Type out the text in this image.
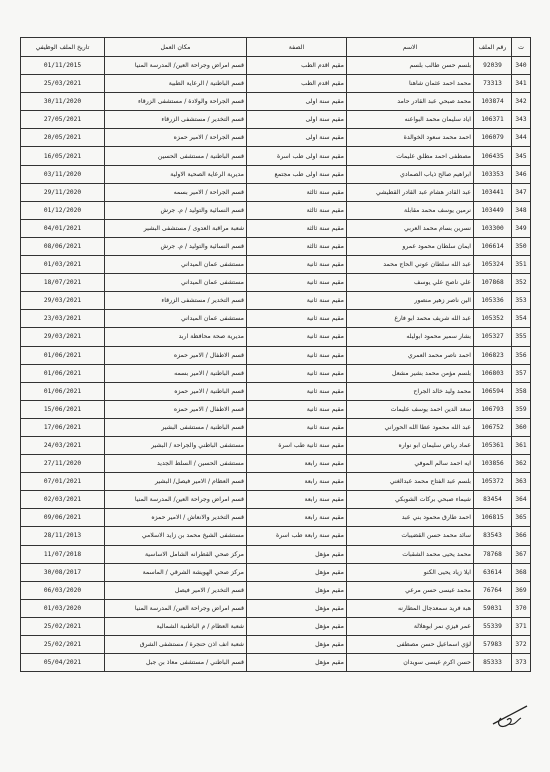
ت	رقم الملف	الاسم	الصفة	مكان العمل	تاريخ الملف الوظيفي
340	92039	بلسم حسن طالب بلسم	مقيم اقدم الطب	قسم امراض وجراحة العين/ المدرسة المنيا	01/11/2015
341	73313	محمد احمد عثمان شاهنا	مقيم اقدم الطب	قسم الباطنية / الرعاية الطبية	25/03/2021
342	103874	محمد صبحي عبد القادر حامد	مقيم سنة اولى	قسم الجراحة والولادة / مستشفى الزرقاء	30/11/2020
343	106371	اياد سليمان محمد البواعنه	مقيم سنة اولى	قسم التخدير / مستشفى الزرقاء	27/05/2021
344	106079	احمد محمد سعود الخوالدة	مقيم سنة اولى	قسم الجراحة / الامير حمزه	20/05/2021
345	106435	مصطفى احمد مطلق عليمات	مقيم سنة اولى طب اسرة	قسم الباطنية / مستشفى الحسين	16/05/2021
346	103353	ابراهيم صالح ذياب الصمادي	مقيم سنة اولى طب مجتمع	مديرية الرعاية الصحية الاولية	03/11/2020
347	103441	عبد القادر هشام عبد القادر القطيشي	مقيم سنة ثالثة	قسم الجراحة / الامير بسمه	29/11/2020
348	103449	نرمين يوسف محمد مقابلة	مقيم سنة ثالثة	قسم النسائية والتوليد / م. جرش	01/12/2020
349	103300	نسرين بسام محمد العربي	مقيم سنة ثالثة	شعبة مراقبة العدوى / مستشفى البشير	04/01/2021
350	106614	ايمان سلطان محمود عمرو	مقيم سنة ثالثة	قسم النسائية والتوليد / م. جرش	08/06/2021
351	105324	عبد الله سلطان عوني الحاج محمد	مقيم سنة ثانية	مستشفى عمان الميداني	01/03/2021
352	107868	علي ناصح علي يوسف	مقيم سنة ثانية	مستشفى عمان الميداني	18/07/2021
353	105336	الين ناصر زهير منصور	مقيم سنة ثانية	قسم التخدير / مستشفى الزرقاء	29/03/2021
354	105352	عبد الله شريف محمد ابو فارع	مقيم سنة ثانية	مستشفى عمان الميداني	23/03/2021
355	105327	بشار سمير محمود ابوليله	مقيم سنة ثانية	مديرية صحة محافظة اربد	29/03/2021
356	106823	احمد ناصر محمد العمري	مقيم سنة ثانية	قسم الاطفال / الامير حمزه	01/06/2021
357	106803	بلسم مؤمن محمد بشير مشعل	مقيم سنة ثانية	قسم الباطنية / الامير بسمه	01/06/2021
358	106594	محمد وليد خالد الجراح	مقيم سنة ثانية	قسم الباطنية / الامير حمزه	01/06/2021
359	106793	سعد الدين احمد يوسف عليمات	مقيم سنة ثانية	قسم الاطفال / الامير حمزه	15/06/2021
360	106752	عبد الله محمود عطا الله الحوراني	مقيم سنة ثانية	قسم الباطنية / مستشفى البشير	17/06/2021
361	105361	عماد رياض سليمان ابو نواره	مقيم سنة ثانية طب اسرة	مستشفى الباطني والجراحة / البشير	24/03/2021
362	103856	ايه احمد سالم الموفي	مقيم سنة رابعة	مستشفى الحسين / السلط الجديد	27/11/2020
363	105372	بلسم عبد الفتاح محمد عبدالغني	مقيم سنة رابعة	قسم العظام / الامير فيصل/ البشير	07/01/2021
364	83454	شيماء صبحي بركات الشوبكي	مقيم سنة رابعة	قسم امراض وجراحة العين/ المدرسة المنيا	02/03/2021
365	106815	احمد طارق محمود بني عبد	مقيم سنة رابعة	قسم التخدير والانعاش / الامير حمزه	09/06/2021
366	83543	سائد محمد حسن القضيبات	مقيم سنة رابعة طب اسرة	مستشفى الشيخ محمد بن زايد الاسلامي	28/11/2013
367	78768	محمد يحيى محمد الشقبات	مقيم مؤهل	مركز صحي القطرانه الشامل الاساسية	11/07/2018
368	63614	ايلا زياد يحيى الكنو	مقيم مؤهل	مركز صحي الهويشة الشرقي / الماسمة	30/08/2017
369	76764	محمد عيسى حسن مرعي	مقيم مؤهل	قسم التخدير / الامير فيصل	06/03/2020
370	59031	هبة فريد سمعدجال المطارنه	مقيم مؤهل	قسم امراض وجراحة العين/ المدرسة المنيا	01/03/2020
371	55339	عمر فيزي نمر ابوهلالة	مقيم مؤهل	شعبة العظام / م الباطنية الشمالية	25/02/2021
372	57983	لؤي اسماعيل حسن مصطفى	مقيم مؤهل	شعبة انف اذن حنجرة / مستشفى الشرق	25/02/2021
373	85333	حسن اكرم عيسى سويدان	مقيم مؤهل	قسم الباطني / مستشفى معاذ بن جبل	05/04/2021
